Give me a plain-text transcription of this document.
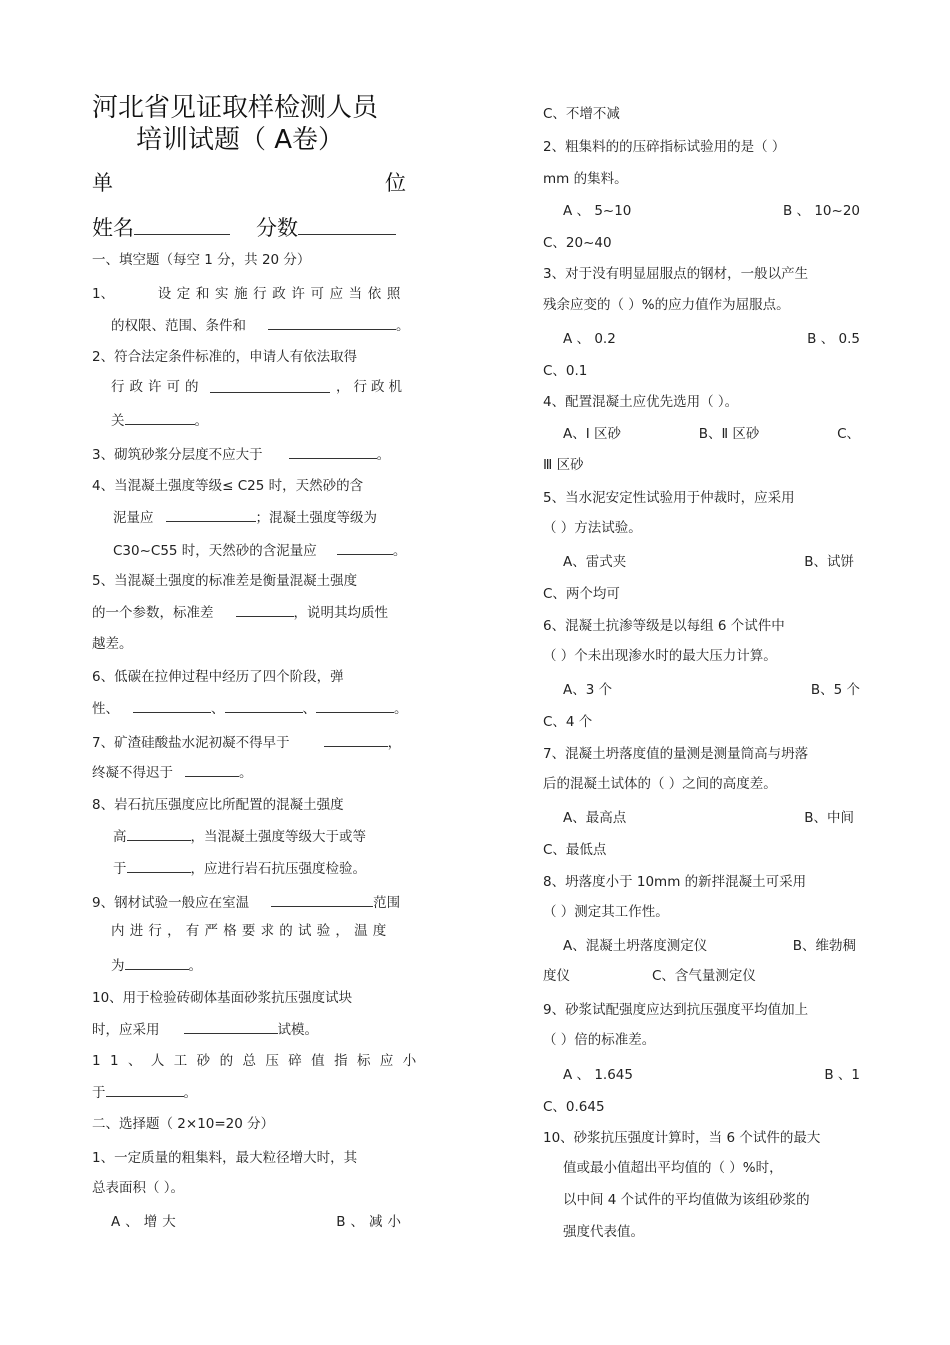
河北省见证取样检测人员
培训试题（ A卷）
单	位
姓名	分数
一、填空题（每空 1 分，共 20 分）
1、	设定和实施行政许可应当依照
的权限、范围、条件和	。
2、符合法定条件标准的，申请人有依法取得
行政许可的	，行政机
关	。
3、砌筑砂浆分层度不应大于	。
4、当混凝土强度等级≤ C25 时，天然砂的含
泥量应	；混凝土强度等级为
C30~C55 时，天然砂的含泥量应	。
5、当混凝土强度的标准差是衡量混凝土强度
的一个参数，标准差	，说明其均质性
越差。
6、低碳在拉伸过程中经历了四个阶段，弹
性、	、	、	。
7、矿渣硅酸盐水泥初凝不得早于	，
终凝不得迟于	。
8、岩石抗压强度应比所配置的混凝土强度
高	，当混凝土强度等级大于或等
于	，应进行岩石抗压强度检验。
9、钢材试验一般应在室温	范围
内进行，有严格要求的试验，温度
为	。
10、用于检验砖砌体基面砂浆抗压强度试块
时，应采用	试模。
11、人工砂的总压碎值指标应小
于	。
二、选择题（ 2×10=20 分）
1、一定质量的粗集料，最大粒径增大时，其
总表面积（ ）。
A、增大	B、减小
C、不增不减
2、粗集料的的压碎指标试验用的是（ ）
mm 的集料。
A 、 5~10	B 、 10~20
C、20~40
3、对于没有明显屈服点的钢材，一般以产生
残余应变的（ ）%的应力值作为屈服点。
A 、 0.2	B 、 0.5
C、0.1
4、配置混凝土应优先选用（ ）。
A、Ⅰ 区砂	B、Ⅱ 区砂	C、
Ⅲ 区砂
5、当水泥安定性试验用于仲裁时，应采用
（ ）方法试验。
A、雷式夹	B、试饼
C、两个均可
6、混凝土抗渗等级是以每组 6 个试件中
（ ）个未出现渗水时的最大压力计算。
A、3 个	B、5 个
C、4 个
7、混凝土坍落度值的量测是测量筒高与坍落
后的混凝土试体的（ ）之间的高度差。
A、最高点	B、中间
C、最低点
8、坍落度小于 10mm 的新拌混凝土可采用
（ ）测定其工作性。
A、混凝土坍落度测定仪	B、维勃稠
度仪	C、含气量测定仪
9、砂浆试配强度应达到抗压强度平均值加上
（ ）倍的标准差。
A 、 1.645	B 、1
C、0.645
10、砂浆抗压强度计算时，当 6 个试件的最大
值或最小值超出平均值的（ ）%时，
以中间 4 个试件的平均值做为该组砂浆的
强度代表值。
